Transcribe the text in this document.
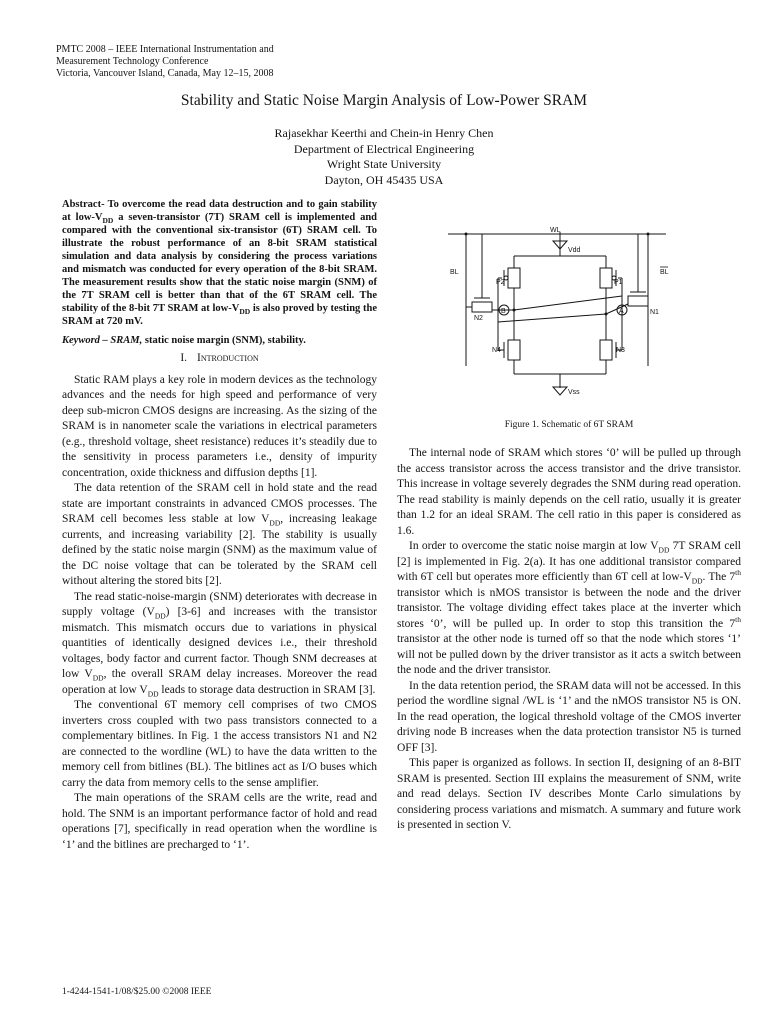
PMTC 2008 – IEEE International Instrumentation and
Measurement Technology Conference
Victoria, Vancouver Island, Canada, May 12–15, 2008
Stability and Static Noise Margin Analysis of Low-Power SRAM
Rajasekhar Keerthi and Chein-in Henry Chen
Department of Electrical Engineering
Wright State University
Dayton, OH 45435 USA

Abstract- To overcome the read data destruction and to gain stability at low-$V_{DD}$ a seven-transistor (7T) SRAM cell is implemented and compared with the conventional six-transistor (6T) SRAM cell. To illustrate the robust performance of an 8-bit SRAM statistical simulation and data analysis by considering the process variations and mismatch was conducted for every operation of the 8-bit SRAM. The measurement results show that the static noise margin (SNM) of the 7T SRAM cell is better than that of the 6T SRAM cell. The stability of the 8-bit 7T SRAM at low-$V_{DD}$ is also proved by testing the SRAM at 720 mV.

Keyword – SRAM, static noise margin (SNM), stability.

I. Introduction

Static RAM plays a key role in modern devices as the technology advances and the needs for high speed and performance of very deep sub-micron CMOS designs are increasing. As the sizing of the SRAM is in nanometer scale the variations in electrical parameters (e.g., threshold voltage, sheet resistance) reduces it’s steadily due to the sensitivity in process parameters i.e., density of impurity concentration, oxide thickness and diffusion depths [1].

The data retention of the SRAM cell in hold state and the read state are important constraints in advanced CMOS processes. The SRAM cell becomes less stable at low $V_{DD}$, increasing leakage currents, and increasing variability [2]. The stability is usually defined by the static noise margin (SNM) as the maximum value of the DC noise voltage that can be tolerated by the SRAM cell without altering the stored bits [2].

The read static-noise-margin (SNM) deteriorates with decrease in supply voltage $(V_{DD})$ [3-6] and increases with the transistor mismatch. This mismatch occurs due to variations in physical quantities of identically designed devices i.e., their threshold voltages, body factor and current factor. Though SNM decreases at low $V_{DD}$, the overall SRAM delay increases. Moreover the read operation at low $V_{DD}$ leads to storage data destruction in SRAM [3].

The conventional 6T memory cell comprises of two CMOS inverters cross coupled with two pass transistors connected to a complementary bitlines. In Fig. 1 the access transistors N1 and N2 are connected to the wordline (WL) to have the data written to the memory cell from bitlines (BL). The bitlines act as I/O buses which carry the data from memory cells to the sense amplifier.

The main operations of the SRAM cells are the write, read and hold. The SNM is an important performance factor of hold and read operations [7], specifically in read operation when the wordline is ‘1’ and the bitlines are precharged to ‘1’.

WL
Vdd
Vss
BL	BL
P2	P1
N2
N1
N4	N3
A
B
Figure 1. Schematic of 6T SRAM

The internal node of SRAM which stores ‘0’ will be pulled up through the access transistor across the access transistor and the drive transistor. This increase in voltage severely degrades the SNM during read operation. The read stability is mainly depends on the cell ratio, usually it is greater than 1.2 for an ideal SRAM. The cell ratio in this paper is considered as 1.6.

In order to overcome the static noise margin at low $V_{DD}$ 7T SRAM cell [2] is implemented in Fig. 2(a). It has one additional transistor compared with 6T cell but operates more efficiently than 6T cell at low-$V_{DD}$. The 7th transistor which is nMOS transistor is between the node and the driver transistor. The voltage dividing effect takes place at the inverter which stores ‘0’, will be pulled up. In order to stop this transition the 7th transistor at the other node is turned off so that the node which stores ‘1’ will not be pulled down by the driver transistor as it acts a switch between the node and the driver transistor.

In the data retention period, the SRAM data will not be accessed. In this period the wordline signal /WL is ‘1’ and the nMOS transistor N5 is ON. In the read operation, the logical threshold voltage of the CMOS inverter driving node B increases when the data protection transistor N5 is turned OFF [3].

This paper is organized as follows. In section II, designing of an 8-BIT SRAM is presented. Section III explains the measurement of SNM, write and read delays. Section IV describes Monte Carlo simulations by considering process variations and mismatch. A summary and future work is presented in section V.

1-4244-1541-1/08/$25.00 ©2008 IEEE
